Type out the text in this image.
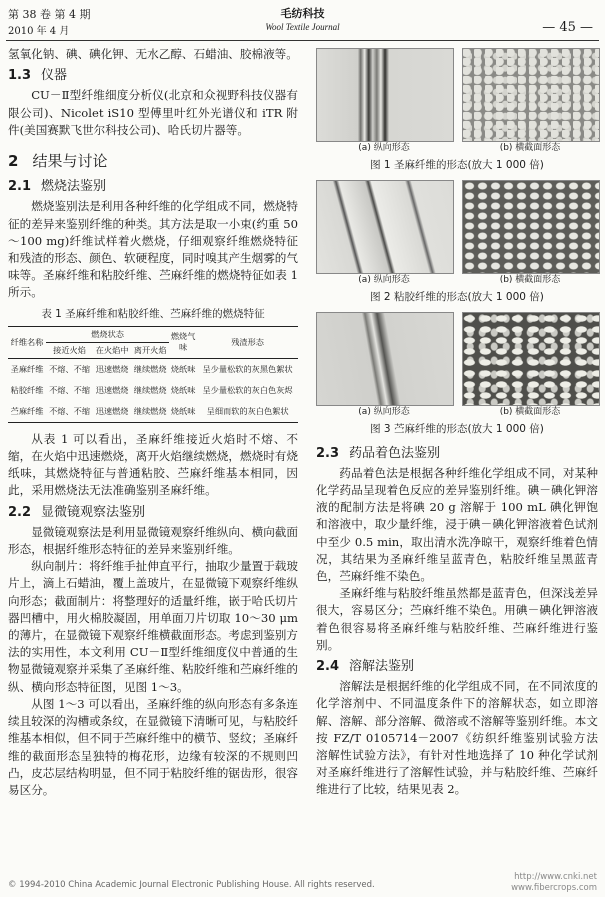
第 38 卷 第 4 期
2010 年 4 月
毛纺科技
Wool Textile Journal	— 45 —

氢氧化钠、碘、碘化钾、无水乙醇、石蜡油、胶棉液等。

1.3 仪器

CU－Ⅱ型纤维细度分析仪(北京和众视野科技仪器有限公司)、Nicolet iS10 型傅里叶红外光谱仪和 iTR 附件(美国赛默飞世尔科技公司)、哈氏切片器等。

2 结果与讨论
2.1 燃烧法鉴别

燃烧鉴别法是利用各种纤维的化学组成不同，燃烧特征的差异来鉴别纤维的种类。其方法是取一小束(约重 50～100 mg)纤维试样着火燃烧，仔细观察纤维燃烧特征和残渣的形态、颜色、软硬程度，同时嗅其产生烟雾的气味等。圣麻纤维和粘胶纤维、苎麻纤维的燃烧特征如表 1 所示。

表 1 圣麻纤维和粘胶纤维、苎麻纤维的燃烧特征
纤维名称	燃烧状态			燃烧气味	残渣形态
	接近火焰	在火焰中	离开火焰		
圣麻纤维	不熔、不缩	迅速燃烧	继续燃烧	烧纸味	呈少量松软的灰黑色絮状
粘胶纤维	不熔、不缩	迅速燃烧	继续燃烧	烧纸味	呈少量松软的灰白色灰烬
苎麻纤维	不熔、不缩	迅速燃烧	继续燃烧	烧纸味	呈细而软的灰白色絮状

从表 1 可以看出，圣麻纤维接近火焰时不熔、不缩，在火焰中迅速燃烧，离开火焰继续燃烧，燃烧时有烧纸味，其燃烧特征与普通粘胶、苎麻纤维基本相同，因此，采用燃烧法无法准确鉴别圣麻纤维。

2.2 显微镜观察法鉴别

显微镜观察法是利用显微镜观察纤维纵向、横向截面形态，根据纤维形态特征的差异来鉴别纤维。

纵向制片：将纤维手扯伸直平行，抽取少量置于载玻片上，滴上石蜡油，覆上盖玻片，在显微镜下观察纤维纵向形态；截面制片：将整理好的适量纤维，嵌于哈氏切片器凹槽中，用火棉胶凝固，用单面刀片切取 10～30 μm 的薄片，在显微镜下观察纤维横截面形态。考虑到鉴别方法的实用性，本文利用 CU－Ⅱ型纤维细度仪中普通的生物显微镜观察并采集了圣麻纤维、粘胶纤维和苎麻纤维的纵、横向形态特征图，见图 1～3。

从图 1～3 可以看出，圣麻纤维的纵向形态有多条连续且较深的沟槽或条纹，在显微镜下清晰可见，与粘胶纤维基本相似，但不同于苎麻纤维中的横节、竖纹；圣麻纤维的截面形态呈独特的梅花形，边缘有较深的不规则凹凸，皮芯层结构明显，但不同于粘胶纤维的锯齿形，很容易区分。

(a) 纵向形态	(b) 横截面形态
图 1 圣麻纤维的形态(放大 1 000 倍)
(a) 纵向形态	(b) 横截面形态
图 2 粘胶纤维的形态(放大 1 000 倍)
(a) 纵向形态	(b) 横截面形态
图 3 苎麻纤维的形态(放大 1 000 倍)
2.3 药品着色法鉴别

药品着色法是根据各种纤维化学组成不同，对某种化学药品呈现着色反应的差异鉴别纤维。碘－碘化钾溶液的配制方法是将碘 20 g 溶解于 100 mL 碘化钾饱和溶液中，取少量纤维，浸于碘－碘化钾溶液着色试剂中至少 0.5 min，取出清水洗净晾干，观察纤维着色情况，其结果为圣麻纤维呈蓝青色，粘胶纤维呈黑蓝青色，苎麻纤维不染色。

圣麻纤维与粘胶纤维虽然都是蓝青色，但深浅差异很大，容易区分；苎麻纤维不染色。用碘－碘化钾溶液着色很容易将圣麻纤维与粘胶纤维、苎麻纤维进行鉴别。

2.4 溶解法鉴别

溶解法是根据纤维的化学组成不同，在不同浓度的化学溶剂中、不同温度条件下的溶解状态，如立即溶解、溶解、部分溶解、微溶或不溶解等鉴别纤维。本文按 FZ/T 0105714－2007《纺织纤维鉴别试验方法 溶解性试验方法》，有针对性地选择了 10 种化学试剂对圣麻纤维进行了溶解性试验，并与粘胶纤维、苎麻纤维进行了比较，结果见表 2。

© 1994-2010 China Academic Journal Electronic Publishing House. All rights reserved.
http://www.cnki.net
www.fibercrops.com
